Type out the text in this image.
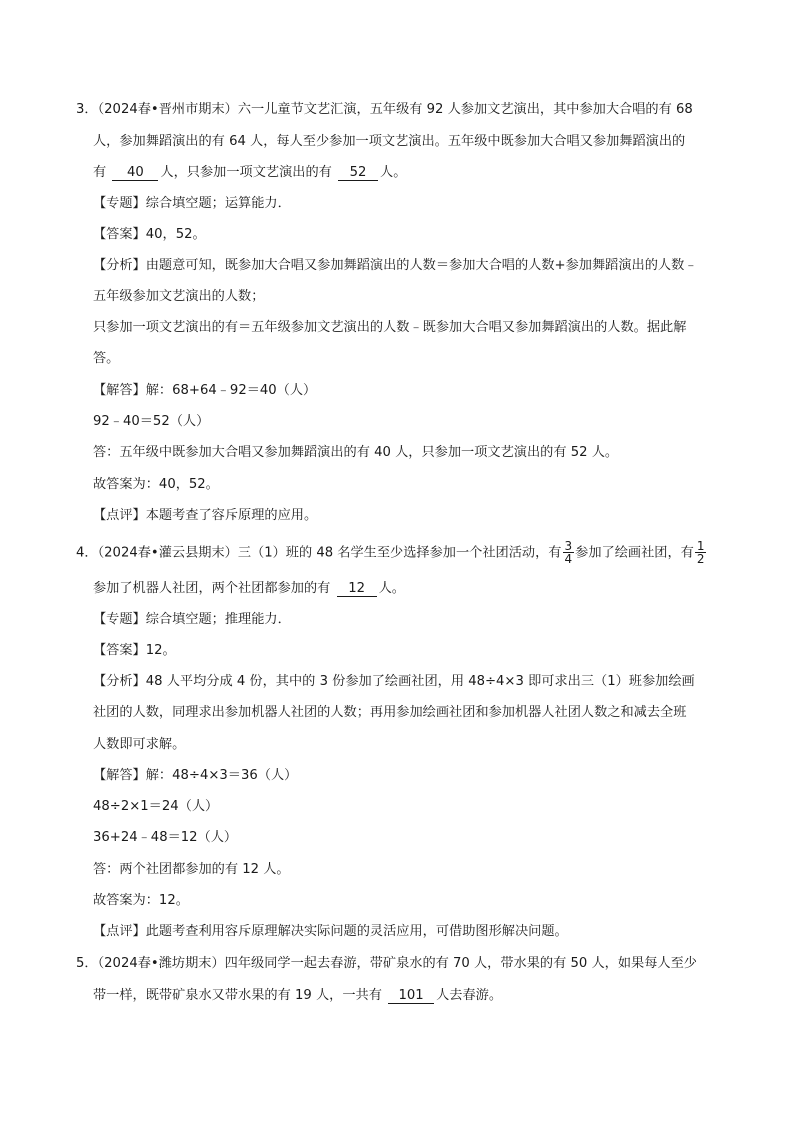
3．（2024春•晋州市期末）六一儿童节文艺汇演，五年级有 92 人参加文艺演出，其中参加大合唱的有 68
人，参加舞蹈演出的有 64 人，每人至少参加一项文艺演出。五年级中既参加大合唱又参加舞蹈演出的
有 40 人，只参加一项文艺演出的有 52 人。
【专题】综合填空题；运算能力．
【答案】40，52。
【分析】由题意可知，既参加大合唱又参加舞蹈演出的人数＝参加大合唱的人数+参加舞蹈演出的人数﹣
五年级参加文艺演出的人数；
只参加一项文艺演出的有＝五年级参加文艺演出的人数﹣既参加大合唱又参加舞蹈演出的人数。据此解
答。
【解答】解：68+64﹣92＝40（人）
92﹣40＝52（人）
答：五年级中既参加大合唱又参加舞蹈演出的有 40 人，只参加一项文艺演出的有 52 人。
故答案为：40，52。
【点评】本题考查了容斥原理的应用。
4．（2024春•灌云县期末）三（1）班的 48 名学生至少选择参加一个社团活动，有 $\frac{3}{4}$ 参加了绘画社团，有 $\frac{1}{2}$
参加了机器人社团，两个社团都参加的有 12 人。
【专题】综合填空题；推理能力．
【答案】12。
【分析】48 人平均分成 4 份，其中的 3 份参加了绘画社团，用 48÷4×3 即可求出三（1）班参加绘画
社团的人数，同理求出参加机器人社团的人数；再用参加绘画社团和参加机器人社团人数之和减去全班
人数即可求解。
【解答】解：48÷4×3＝36（人）
48÷2×1＝24（人）
36+24﹣48＝12（人）
答：两个社团都参加的有 12 人。
故答案为：12。
【点评】此题考查利用容斥原理解决实际问题的灵活应用，可借助图形解决问题。
5．（2024春•潍坊期末）四年级同学一起去春游，带矿泉水的有 70 人，带水果的有 50 人，如果每人至少
带一样，既带矿泉水又带水果的有 19 人，一共有 101 人去春游。
